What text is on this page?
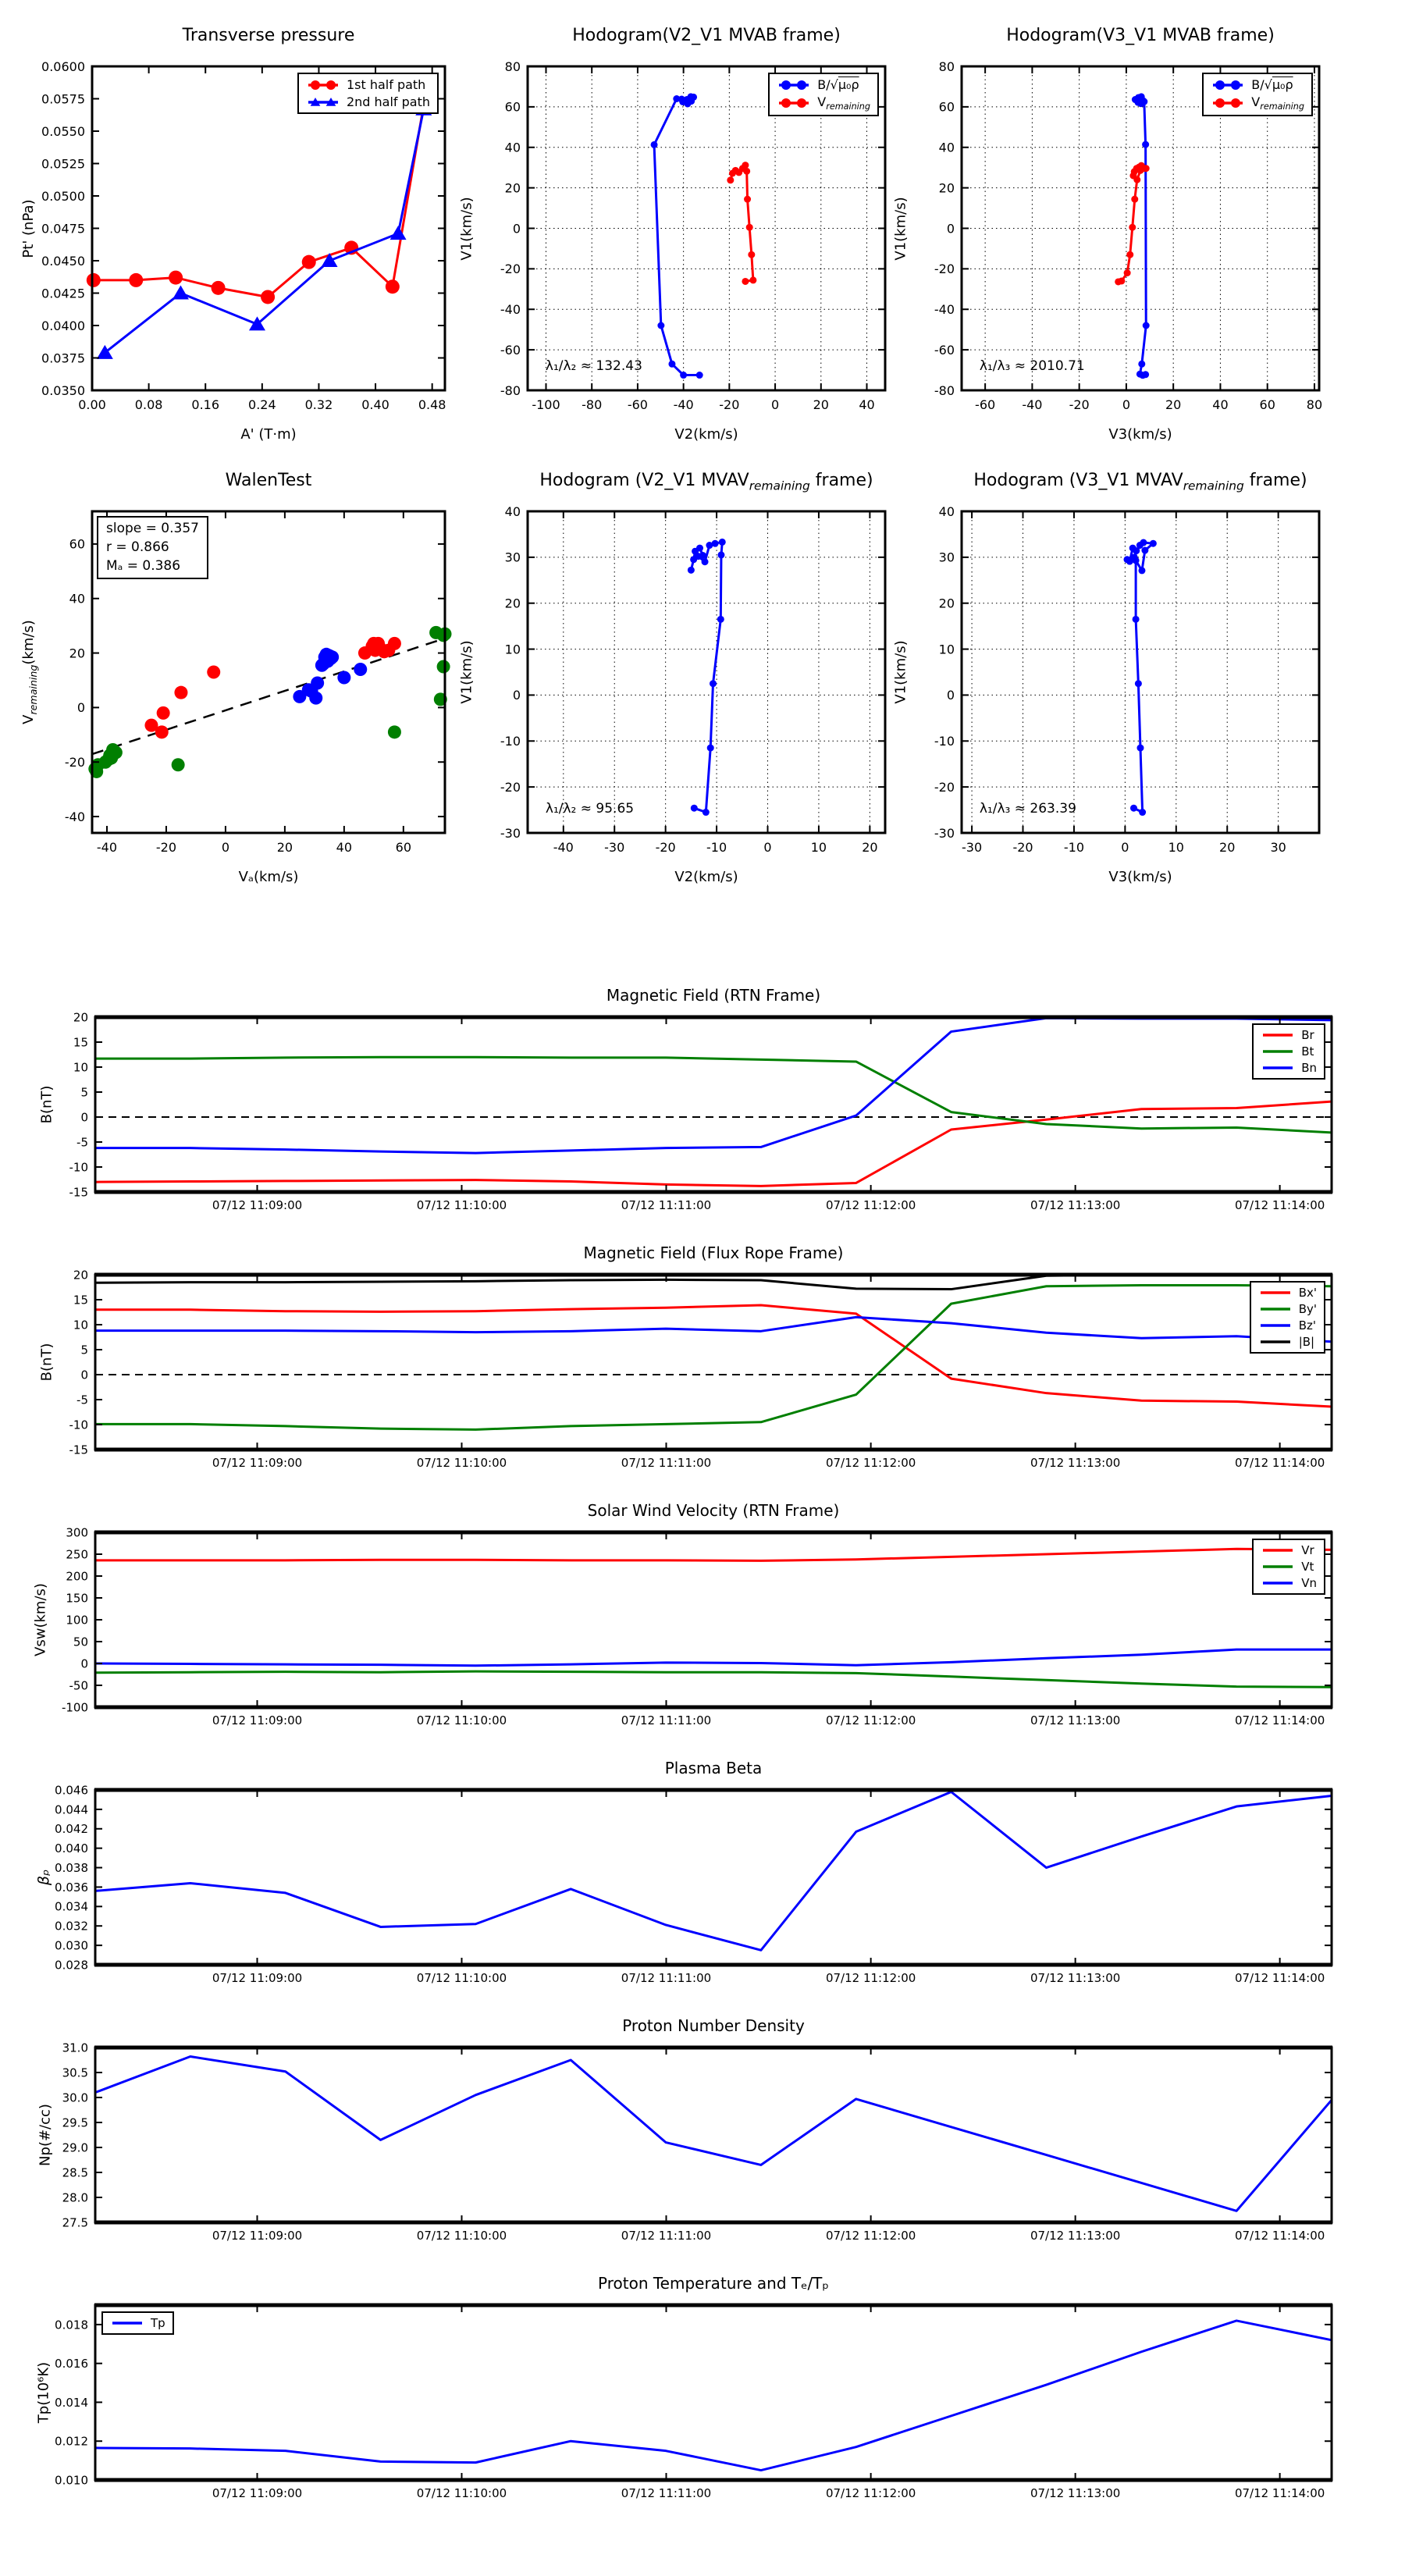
Transverse pressure
Pt' (nPa)
A' (T·m)
0.00 0.08 0.16 0.24 0.32 0.40 0.48
0.0350
0.0375
0.0400
0.0425
0.0450
0.0475
0.0500
0.0525
0.0550
0.0575
0.0600
1st half path
2nd half path
Hodogram(V2_V1 MVAB frame)
V1(km/s)
V2(km/s)
λ₁/λ₂ ≈ 132.43
-100 -80 -60 -40 -20	0	20 40
-80
-60
-40
-20
0
20
40
60
80
B/√μ₀ρ
$V_{remaining}$
Hodogram(V3_V1 MVAB frame)
V1(km/s)
V3(km/s)
λ₁/λ₃ ≈ 2010.71
-60 -40 -20	0	20 40 60 80
-80
-60
-40
-20
0
20
40
60
80
B/√μ₀ρ
$V_{remaining}$
WalenTest
$V_{remaining}(km/s)$
Vₐ(km/s)
slope = 0.357
r = 0.866
Mₐ = 0.386
-40	-20	0	20	40	60
-40
-20
0
20
40
60
Hodogram (V2_V1 $MVAV_{remaining}$ frame)
V1(km/s)
V2(km/s)
λ₁/λ₂ ≈ 95.65
-40 -30 -20 -10	0	10	20
-30
-20
-10
0
10
20
30
40
Hodogram (V3_V1 $MVAV_{remaining}$ frame)
V1(km/s)
V3(km/s)
λ₁/λ₃ ≈ 263.39
-30 -20 -10	0	10	20	30
-30
-20
-10
0
10
20
30
40
Magnetic Field (RTN Frame)
B(nT)
07/12 11:09:00	07/12 11:10:00	07/12 11:11:00	07/12 11:12:00	07/12 11:13:00	07/12 11:14:00
-15
-10
-5
0
5
10
15
20
Br
Bt
Bn
Magnetic Field (Flux Rope Frame)
B(nT)
07/12 11:09:00	07/12 11:10:00	07/12 11:11:00	07/12 11:12:00	07/12 11:13:00	07/12 11:14:00
-15
-10
-5
0
5
10
15
20
Bx'
By'
Bz'
|B|
Solar Wind Velocity (RTN Frame)
Vsw(km/s)
07/12 11:09:00	07/12 11:10:00	07/12 11:11:00	07/12 11:12:00	07/12 11:13:00	07/12 11:14:00
-100
-50
0
50
100
150
200
250
300
Vr
Vt
Vn
Plasma Beta
βₚ
07/12 11:09:00	07/12 11:10:00	07/12 11:11:00	07/12 11:12:00	07/12 11:13:00	07/12 11:14:00
0.028
0.030
0.032
0.034
0.036
0.038
0.040
0.042
0.044
0.046
Proton Number Density
Np(#/cc)
07/12 11:09:00	07/12 11:10:00	07/12 11:11:00	07/12 11:12:00	07/12 11:13:00	07/12 11:14:00
27.5
28.0
28.5
29.0
29.5
30.0
30.5
31.0
Proton Temperature and Tₑ/Tₚ
Tp(10⁶K)
07/12 11:09:00	07/12 11:10:00	07/12 11:11:00	07/12 11:12:00	07/12 11:13:00	07/12 11:14:00
0.010
0.012
0.014
0.016
0.018	Tp
